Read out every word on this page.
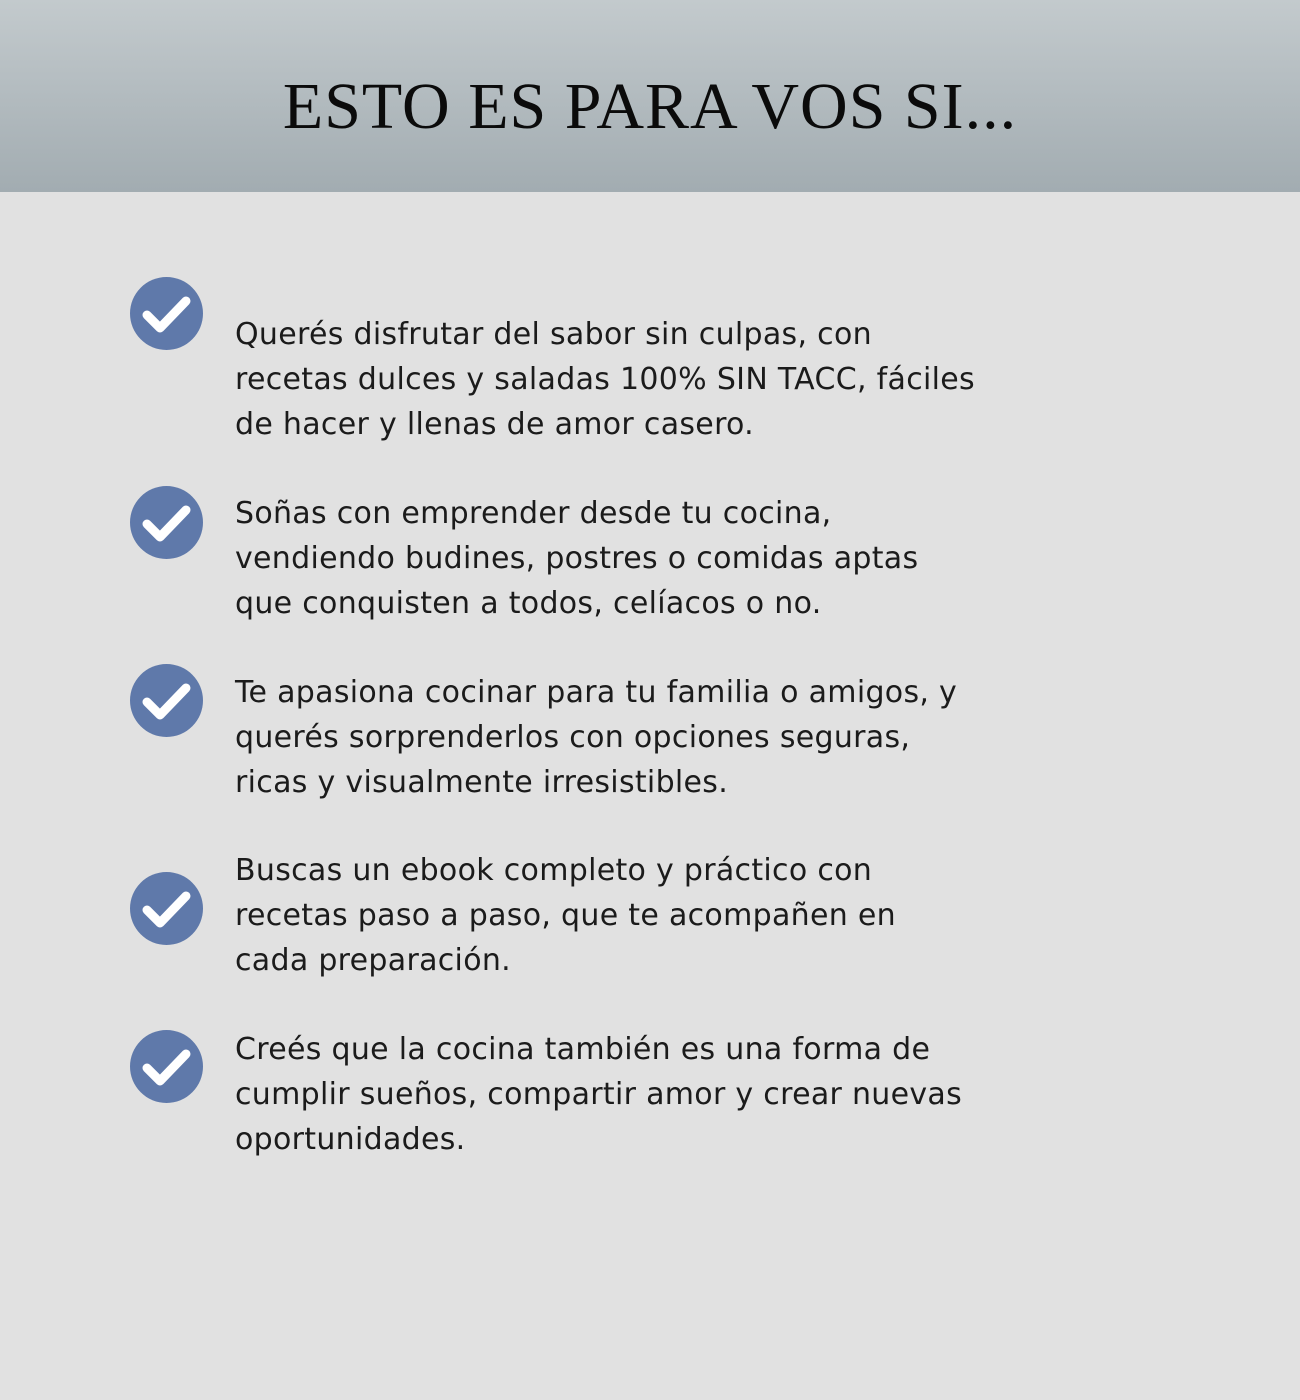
ESTO ES PARA VOS SI...

Querés disfrutar del sabor sin culpas, con
recetas dulces y saladas 100% SIN TACC, fáciles
de hacer y llenas de amor casero.

Soñas con emprender desde tu cocina,
vendiendo budines, postres o comidas aptas
que conquisten a todos, celíacos o no.

Te apasiona cocinar para tu familia o amigos, y
querés sorprenderlos con opciones seguras,
ricas y visualmente irresistibles.

Buscas un ebook completo y práctico con
recetas paso a paso, que te acompañen en
cada preparación.

Creés que la cocina también es una forma de
cumplir sueños, compartir amor y crear nuevas
oportunidades.
